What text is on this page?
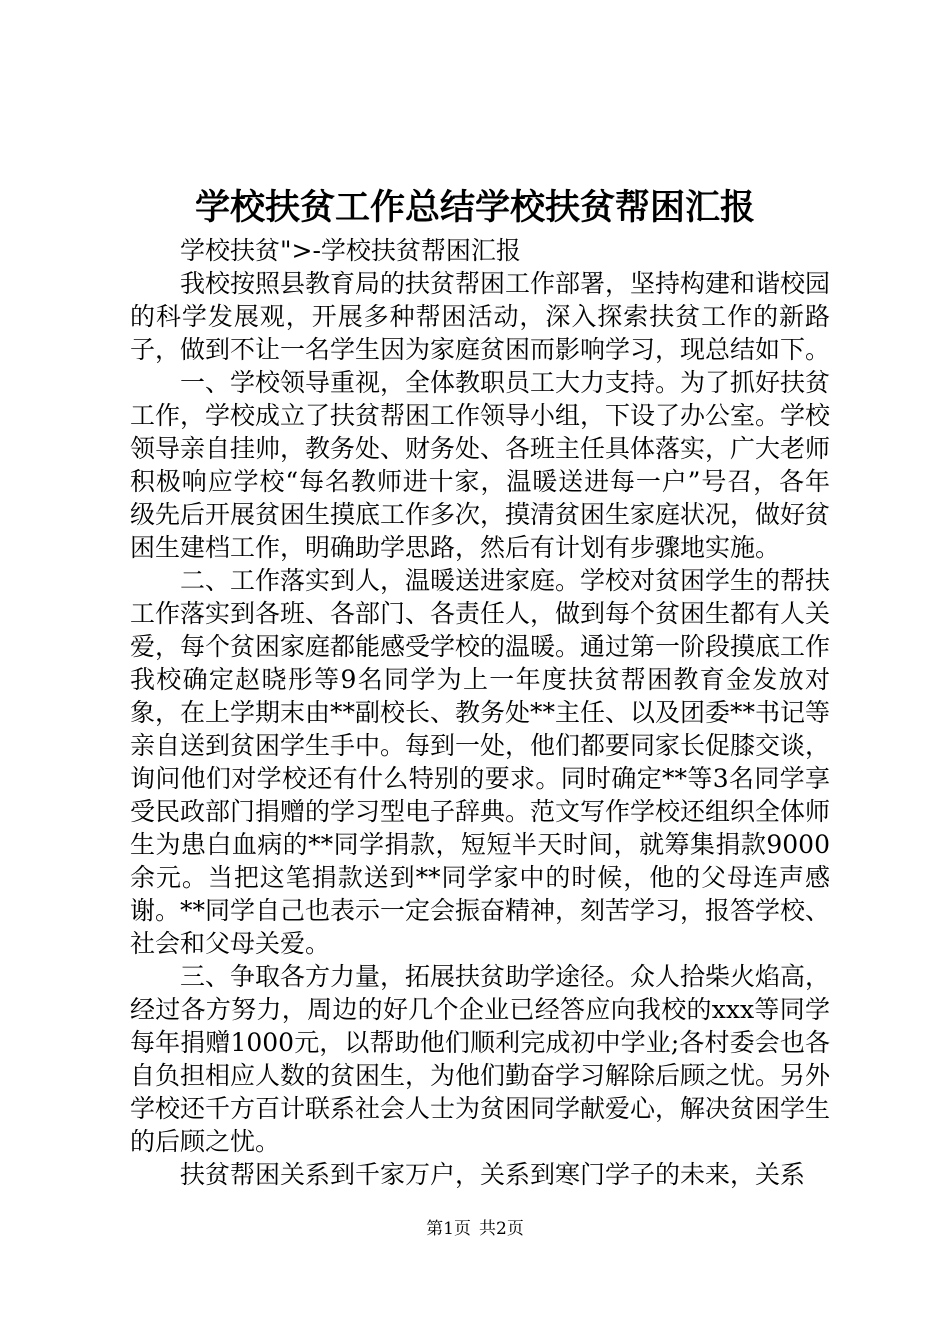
学校扶贫工作总结学校扶贫帮困汇报

学校扶贫">-学校扶贫帮困汇报

我校按照县教育局的扶贫帮困工作部署，坚持构建和谐校园的科学发展观，开展多种帮困活动，深入探索扶贫工作的新路子，做到不让一名学生因为家庭贫困而影响学习，现总结如下。

一、学校领导重视，全体教职员工大力支持。为了抓好扶贫工作，学校成立了扶贫帮困工作领导小组，下设了办公室。学校领导亲自挂帅，教务处、财务处、各班主任具体落实，广大老师积极响应学校“每名教师进十家，温暖送进每一户”号召，各年级先后开展贫困生摸底工作多次，摸清贫困生家庭状况，做好贫困生建档工作，明确助学思路，然后有计划有步骤地实施。

二、工作落实到人，温暖送进家庭。学校对贫困学生的帮扶工作落实到各班、各部门、各责任人，做到每个贫困生都有人关爱，每个贫困家庭都能感受学校的温暖。通过第一阶段摸底工作我校确定赵晓彤等9名同学为上一年度扶贫帮困教育金发放对象，在上学期末由**副校长、教务处**主任、以及团委**书记等亲自送到贫困学生手中。每到一处，他们都要同家长促膝交谈，询问他们对学校还有什么特别的要求。同时确定**等3名同学享受民政部门捐赠的学习型电子辞典。范文写作学校还组织全体师生为患白血病的**同学捐款，短短半天时间，就筹集捐款9000余元。当把这笔捐款送到**同学家中的时候，他的父母连声感谢。**同学自己也表示一定会振奋精神，刻苦学习，报答学校、社会和父母关爱。

三、争取各方力量，拓展扶贫助学途径。众人拾柴火焰高，经过各方努力，周边的好几个企业已经答应向我校的xxx等同学每年捐赠1000元，以帮助他们顺利完成初中学业;各村委会也各自负担相应人数的贫困生，为他们勤奋学习解除后顾之忧。另外学校还千方百计联系社会人士为贫困同学献爱心，解决贫困学生的后顾之忧。

扶贫帮困关系到千家万户，关系到寒门学子的未来，关系

第1页 共2页
